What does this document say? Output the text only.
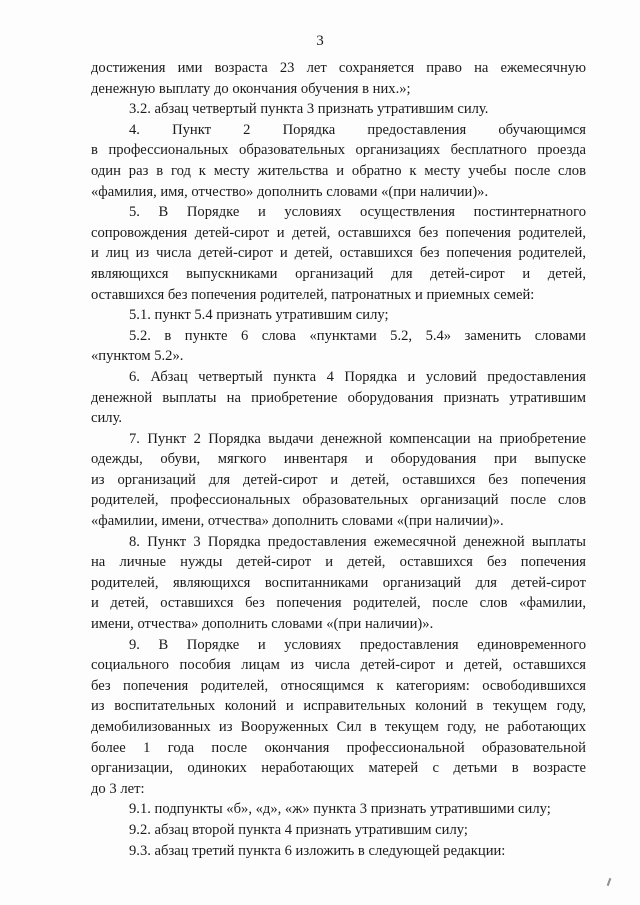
3
достижения ими возраста 23 лет сохраняется право на ежемесячную
денежную выплату до окончания обучения в них.»;
3.2. абзац четвертый пункта 3 признать утратившим силу.
4. Пункт 2 Порядка предоставления обучающимся
в профессиональных образовательных организациях бесплатного проезда
один раз в год к месту жительства и обратно к месту учебы после слов
«фамилия, имя, отчество» дополнить словами «(при наличии)».
5. В Порядке и условиях осуществления постинтернатного
сопровождения детей-сирот и детей, оставшихся без попечения родителей,
и лиц из числа детей-сирот и детей, оставшихся без попечения родителей,
являющихся выпускниками организаций для детей-сирот и детей,
оставшихся без попечения родителей, патронатных и приемных семей:
5.1. пункт 5.4 признать утратившим силу;
5.2. в пункте 6 слова «пунктами 5.2, 5.4» заменить словами
«пунктом 5.2».
6. Абзац четвертый пункта 4 Порядка и условий предоставления
денежной выплаты на приобретение оборудования признать утратившим
силу.
7. Пункт 2 Порядка выдачи денежной компенсации на приобретение
одежды, обуви, мягкого инвентаря и оборудования при выпуске
из организаций для детей-сирот и детей, оставшихся без попечения
родителей, профессиональных образовательных организаций после слов
«фамилии, имени, отчества» дополнить словами «(при наличии)».
8. Пункт 3 Порядка предоставления ежемесячной денежной выплаты
на личные нужды детей-сирот и детей, оставшихся без попечения
родителей, являющихся воспитанниками организаций для детей-сирот
и детей, оставшихся без попечения родителей, после слов «фамилии,
имени, отчества» дополнить словами «(при наличии)».
9. В Порядке и условиях предоставления единовременного
социального пособия лицам из числа детей-сирот и детей, оставшихся
без попечения родителей, относящимся к категориям: освободившихся
из воспитательных колоний и исправительных колоний в текущем году,
демобилизованных из Вооруженных Сил в текущем году, не работающих
более 1 года после окончания профессиональной образовательной
организации, одиноких неработающих матерей с детьми в возрасте
до 3 лет:
9.1. подпункты «б», «д», «ж» пункта 3 признать утратившими силу;
9.2. абзац второй пункта 4 признать утратившим силу;
9.3. абзац третий пункта 6 изложить в следующей редакции:
